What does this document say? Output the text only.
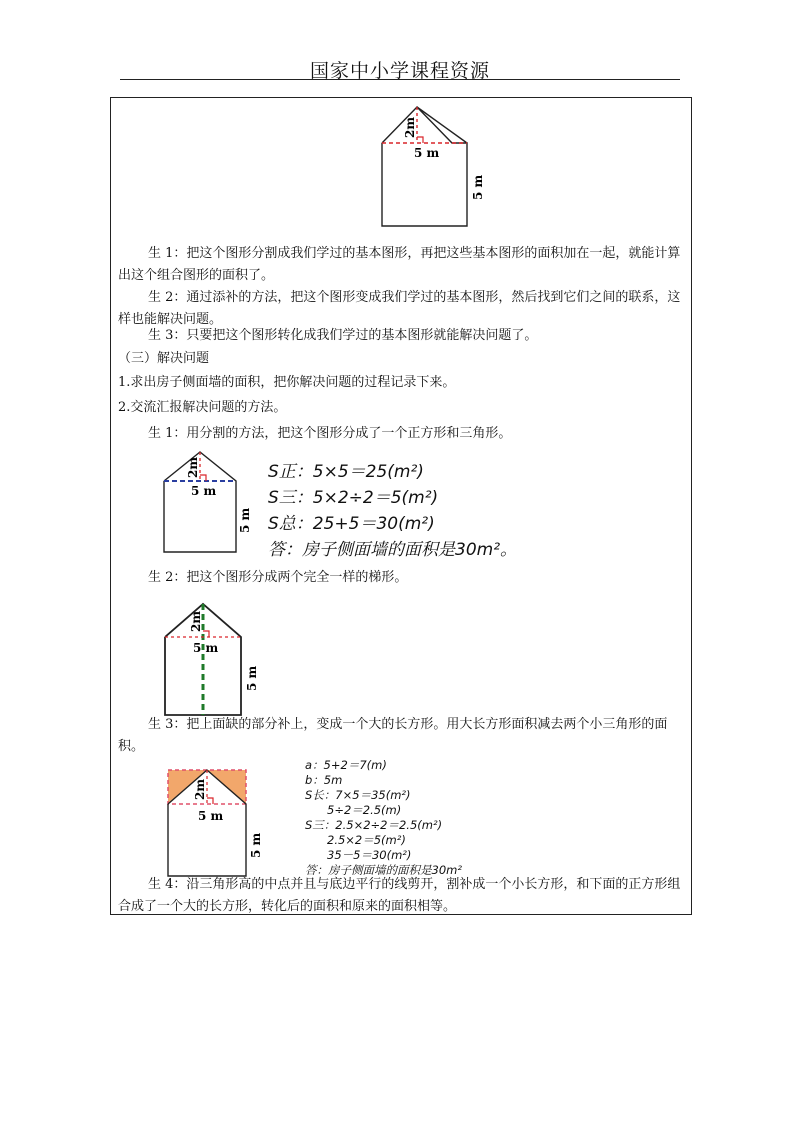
国家中小学课程资源
2m
5 m
5 m
生 1：把这个图形分割成我们学过的基本图形，再把这些基本图形的面积加在一起，就能计算出这个组合图形的面积了。
生 2：通过添补的方法，把这个图形变成我们学过的基本图形，然后找到它们之间的联系，这样也能解决问题。
生 3：只要把这个图形转化成我们学过的基本图形就能解决问题了。
（三）解决问题
1.求出房子侧面墙的面积，把你解决问题的过程记录下来。
2.交流汇报解决问题的方法。
生 1：用分割的方法，把这个图形分成了一个正方形和三角形。
2m
5 m
5 m
S正：5×5＝25(m²)
S三：5×2÷2＝5(m²)
S总：25+5＝30(m²)
答：房子侧面墙的面积是30m²。
生 2：把这个图形分成两个完全一样的梯形。
2m
5 m
5 m
生 3：把上面缺的部分补上，变成一个大的长方形。用大长方形面积减去两个小三角形的面积。
2m
5 m
5 m
a：5+2＝7(m)
b：5m
S长：7×5＝35(m²)
5÷2＝2.5(m)
S三：2.5×2÷2＝2.5(m²)
2.5×2＝5(m²)
35－5＝30(m²)
答：房子侧面墙的面积是30m²
生 4：沿三角形高的中点并且与底边平行的线剪开，割补成一个小长方形，和下面的正方形组合成了一个大的长方形，转化后的面积和原来的面积相等。
